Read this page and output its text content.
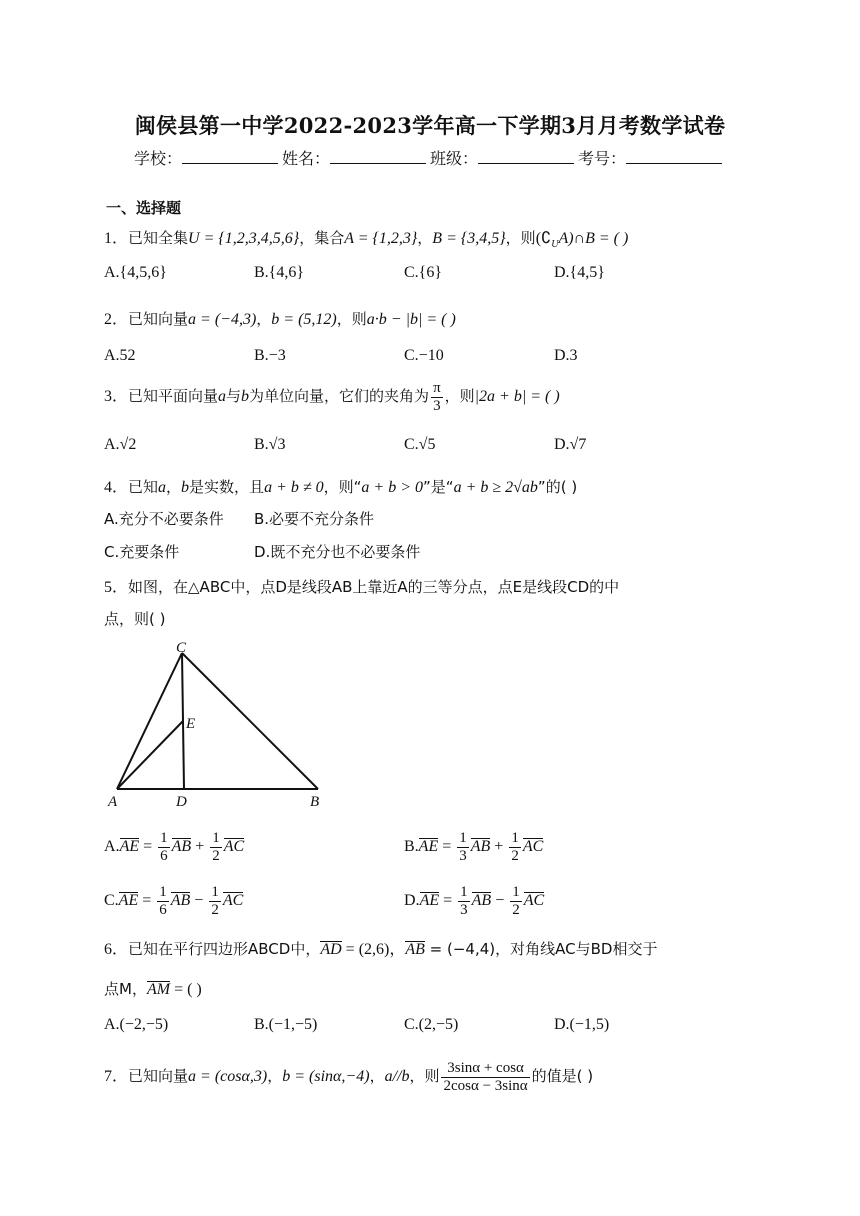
闽侯县第一中学2022-2023学年高一下学期3月月考数学试卷
学校：	姓名：	班级：	考号：
一、选择题
1．已知全集U = {1,2,3,4,5,6}，集合A = {1,2,3}，B = {3,4,5}，则$(∁_UA)\cap B$ = ( )
A.{4,5,6}	B.{4,6}	C.{6}	D.{4,5}
2．已知向量a = (−4,3)，b = (5,12)，则a·b − |b| = ( )
A.52	B.−3	C.−10	D.3
3．已知平面向量a与b为单位向量，它们的夹角为 $\frac{\pi}{3}$ ，则|2a + b| = ( )
A.√2	B.√3	C.√5	D.√7
4．已知a，b是实数，且a + b ≠ 0，则“a + b > 0”是“a + b ≥ 2√ab”的( )
A.充分不必要条件 B.必要不充分条件
C.充要条件	D.既不充分也不必要条件
5．如图，在△ABC中，点D是线段AB上靠近A的三等分点，点E是线段CD的中
点，则( )
C
E
A	D	B
$A.AE = \frac{1}{6}$ AB + $\frac{1}{2}$ AC	$B.AE = \frac{1}{3}$ AB + $\frac{1}{2}$ AC
$C.AE = \frac{1}{6}$ AB − $\frac{1}{2}$ AC	$D.AE = \frac{1}{3}$ AB − $\frac{1}{2}$ AC
6．已知在平行四边形ABCD中，AD = (2,6)，AB = (−4,4)，对角线AC与BD相交于
点M，AM = ( )
A.(−2,−5)	B.(−1,−5)	C.(2,−5)	D.(−1,5)
7．已知向量a = (cosα,3)，b = (sinα,−4)，a//b，则 $\frac{3\sin\alpha + \cos\alpha}{2\cos\alpha - 3\sin\alpha}$ 的值是( )
